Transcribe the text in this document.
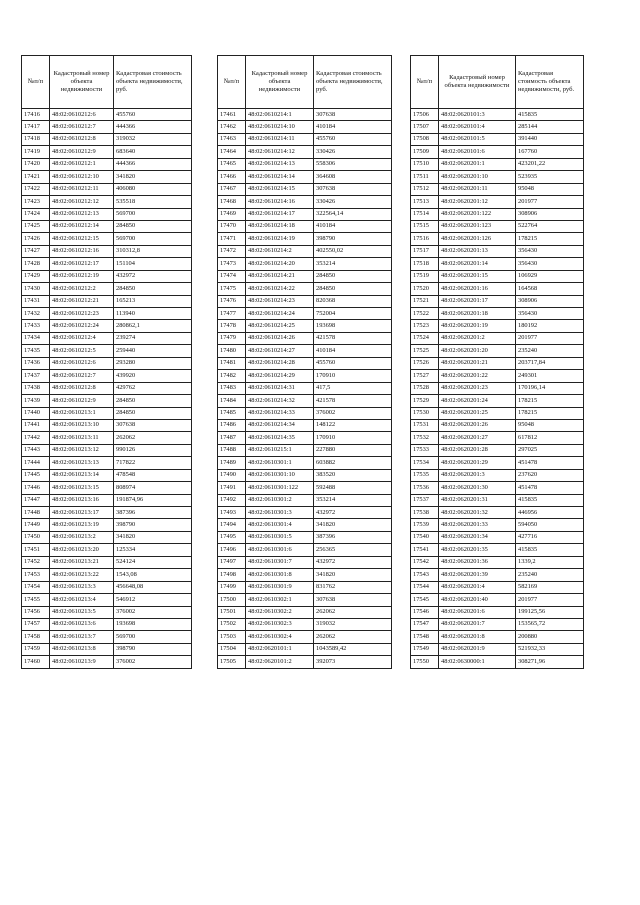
№п/п	Кадастровый номер объекта недвижимости	Кадастровая стоимость объекта недвижимости, руб.
17416	48:02:0610212:6	455760
17417	48:02:0610212:7	444366
17418	48:02:0610212:8	319032
17419	48:02:0610212:9	683640
17420	48:02:0610212:1	444366
17421	48:02:0610212:10	341820
17422	48:02:0610212:11	406080
17423	48:02:0610212:12	535518
17424	48:02:0610212:13	569700
17425	48:02:0610212:14	284850
17426	48:02:0610212:15	569700
17427	48:02:0610212:16	310312,8
17428	48:02:0610212:17	151104
17429	48:02:0610212:19	432972
17430	48:02:0610212:2	284850
17431	48:02:0610212:21	165213
17432	48:02:0610212:23	113940
17433	48:02:0610212:24	280862,1
17434	48:02:0610212:4	239274
17435	48:02:0610212:5	259440
17436	48:02:0610212:6	293280
17437	48:02:0610212:7	439920
17438	48:02:0610212:8	429762
17439	48:02:0610212:9	284850
17440	48:02:0610213:1	284850
17441	48:02:0610213:10	307638
17442	48:02:0610213:11	262062
17443	48:02:0610213:12	990126
17444	48:02:0610213:13	717822
17445	48:02:0610213:14	478548
17446	48:02:0610213:15	808974
17447	48:02:0610213:16	191874,96
17448	48:02:0610213:17	387396
17449	48:02:0610213:19	398790
17450	48:02:0610213:2	341820
17451	48:02:0610213:20	125334
17452	48:02:0610213:21	524124
17453	48:02:0610213:22	1543,08
17454	48:02:0610213:3	456648,08
17455	48:02:0610213:4	546912
17456	48:02:0610213:5	376002
17457	48:02:0610213:6	193698
17458	48:02:0610213:7	569700
17459	48:02:0610213:8	398790
17460	48:02:0610213:9	376002
№п/п	Кадастровый номер объекта недвижимости	Кадастровая стоимость объекта недвижимости, руб.
17461	48:02:0610214:1	307638
17462	48:02:0610214:10	410184
17463	48:02:0610214:11	455760
17464	48:02:0610214:12	330426
17465	48:02:0610214:13	558306
17466	48:02:0610214:14	364608
17467	48:02:0610214:15	307638
17468	48:02:0610214:16	330426
17469	48:02:0610214:17	322564,14
17470	48:02:0610214:18	410184
17471	48:02:0610214:19	398790
17472	48:02:0610214:2	402550,02
17473	48:02:0610214:20	353214
17474	48:02:0610214:21	284850
17475	48:02:0610214:22	284850
17476	48:02:0610214:23	820368
17477	48:02:0610214:24	752004
17478	48:02:0610214:25	193698
17479	48:02:0610214:26	421578
17480	48:02:0610214:27	410184
17481	48:02:0610214:28	455760
17482	48:02:0610214:29	170910
17483	48:02:0610214:31	417,5
17484	48:02:0610214:32	421578
17485	48:02:0610214:33	376002
17486	48:02:0610214:34	148122
17487	48:02:0610214:35	170910
17488	48:02:0610215:1	227880
17489	48:02:0610301:1	603882
17490	48:02:0610301:10	383520
17491	48:02:0610301:122	592488
17492	48:02:0610301:2	353214
17493	48:02:0610301:3	432972
17494	48:02:0610301:4	341820
17495	48:02:0610301:5	387396
17496	48:02:0610301:6	256365
17497	48:02:0610301:7	432972
17498	48:02:0610301:8	341820
17499	48:02:0610301:9	831762
17500	48:02:0610302:1	307638
17501	48:02:0610302:2	262062
17502	48:02:0610302:3	319032
17503	48:02:0610302:4	262062
17504	48:02:0620101:1	1043589,42
17505	48:02:0620101:2	392073
№п/п	Кадастровый номер объекта недвижимости	Кадастровая стоимость объекта недвижимости, руб.
17506	48:02:0620101:3	415835
17507	48:02:0620101:4	285144
17508	48:02:0620101:5	391440
17509	48:02:0620101:6	167760
17510	48:02:0620201:1	423201,22
17511	48:02:0620201:10	523935
17512	48:02:0620201:11	95048
17513	48:02:0620201:12	201977
17514	48:02:0620201:122	308906
17515	48:02:0620201:123	522764
17516	48:02:0620201:126	178215
17517	48:02:0620201:13	356430
17518	48:02:0620201:14	356430
17519	48:02:0620201:15	106929
17520	48:02:0620201:16	164568
17521	48:02:0620201:17	308906
17522	48:02:0620201:18	356430
17523	48:02:0620201:19	180192
17524	48:02:0620201:2	201977
17525	48:02:0620201:20	235240
17526	48:02:0620201:21	203717,84
17527	48:02:0620201:22	249301
17528	48:02:0620201:23	170196,14
17529	48:02:0620201:24	178215
17530	48:02:0620201:25	178215
17531	48:02:0620201:26	95048
17532	48:02:0620201:27	617812
17533	48:02:0620201:28	297025
17534	48:02:0620201:29	451478
17535	48:02:0620201:3	237620
17536	48:02:0620201:30	451478
17537	48:02:0620201:31	415835
17538	48:02:0620201:32	446956
17539	48:02:0620201:33	594050
17540	48:02:0620201:34	427716
17541	48:02:0620201:35	415835
17542	48:02:0620201:36	1339,2
17543	48:02:0620201:39	235240
17544	48:02:0620201:4	582169
17545	48:02:0620201:40	201977
17546	48:02:0620201:6	199125,56
17547	48:02:0620201:7	153565,72
17548	48:02:0620201:8	200880
17549	48:02:0620201:9	521932,33
17550	48:02:0630000:1	308271,96
